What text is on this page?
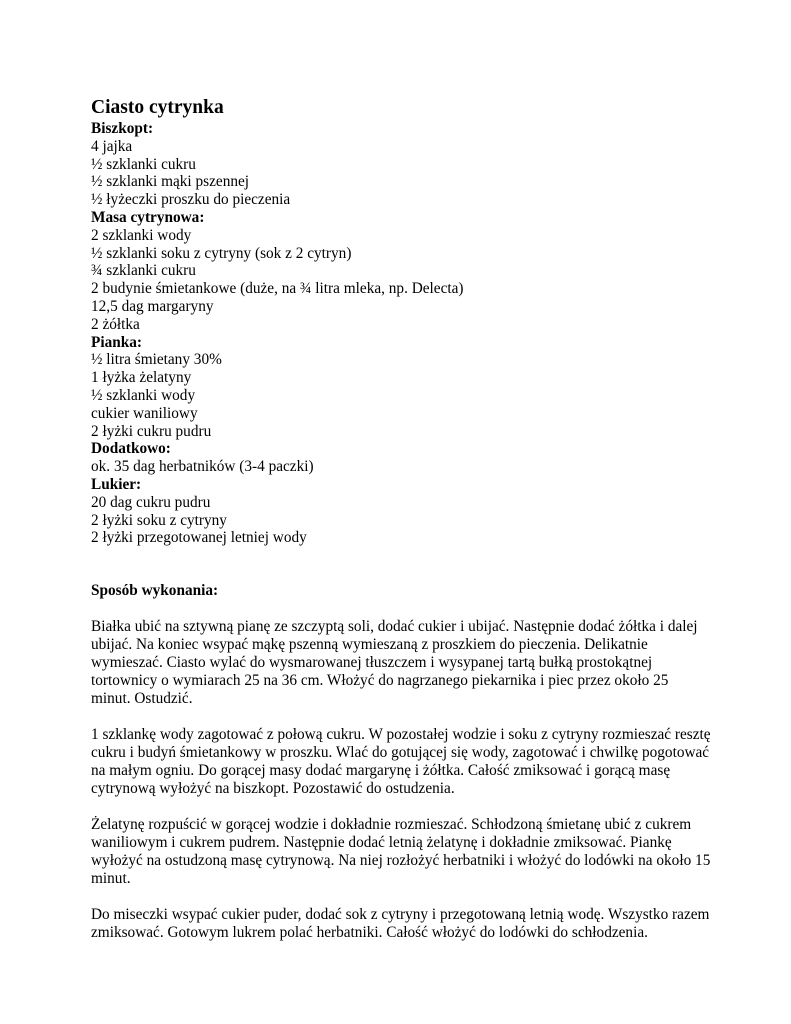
Ciasto cytrynka

Biszkopt:

4 jajka

½ szklanki cukru

½ szklanki mąki pszennej

½ łyżeczki proszku do pieczenia

Masa cytrynowa:

2 szklanki wody

½ szklanki soku z cytryny (sok z 2 cytryn)

¾ szklanki cukru

2 budynie śmietankowe (duże, na ¾ litra mleka, np. Delecta)

12,5 dag margaryny

2 żółtka

Pianka:

½ litra śmietany 30%

1 łyżka żelatyny

½ szklanki wody

cukier waniliowy

2 łyżki cukru pudru

Dodatkowo:

ok. 35 dag herbatników (3-4 paczki)

Lukier:

20 dag cukru pudru

2 łyżki soku z cytryny

2 łyżki przegotowanej letniej wody

Sposób wykonania:

Białka ubić na sztywną pianę ze szczyptą soli, dodać cukier i ubijać. Następnie dodać żółtka i dalej ubijać. Na koniec wsypać mąkę pszenną wymieszaną z proszkiem do pieczenia. Delikatnie wymieszać. Ciasto wylać do wysmarowanej tłuszczem i wysypanej tartą bułką prostokątnej tortownicy o wymiarach 25 na 36 cm. Włożyć do nagrzanego piekarnika i piec przez około 25 minut. Ostudzić.

1 szklankę wody zagotować z połową cukru. W pozostałej wodzie i soku z cytryny rozmieszać resztę cukru i budyń śmietankowy w proszku. Wlać do gotującej się wody, zagotować i chwilkę pogotować na małym ogniu. Do gorącej masy dodać margarynę i żółtka. Całość zmiksować i gorącą masę cytrynową wyłożyć na biszkopt. Pozostawić do ostudzenia.

Żelatynę rozpuścić w gorącej wodzie i dokładnie rozmieszać. Schłodzoną śmietanę ubić z cukrem waniliowym i cukrem pudrem. Następnie dodać letnią żelatynę i dokładnie zmiksować. Piankę wyłożyć na ostudzoną masę cytrynową. Na niej rozłożyć herbatniki i włożyć do lodówki na około 15 minut.

Do miseczki wsypać cukier puder, dodać sok z cytryny i przegotowaną letnią wodę. Wszystko razem zmiksować. Gotowym lukrem polać herbatniki. Całość włożyć do lodówki do schłodzenia.
